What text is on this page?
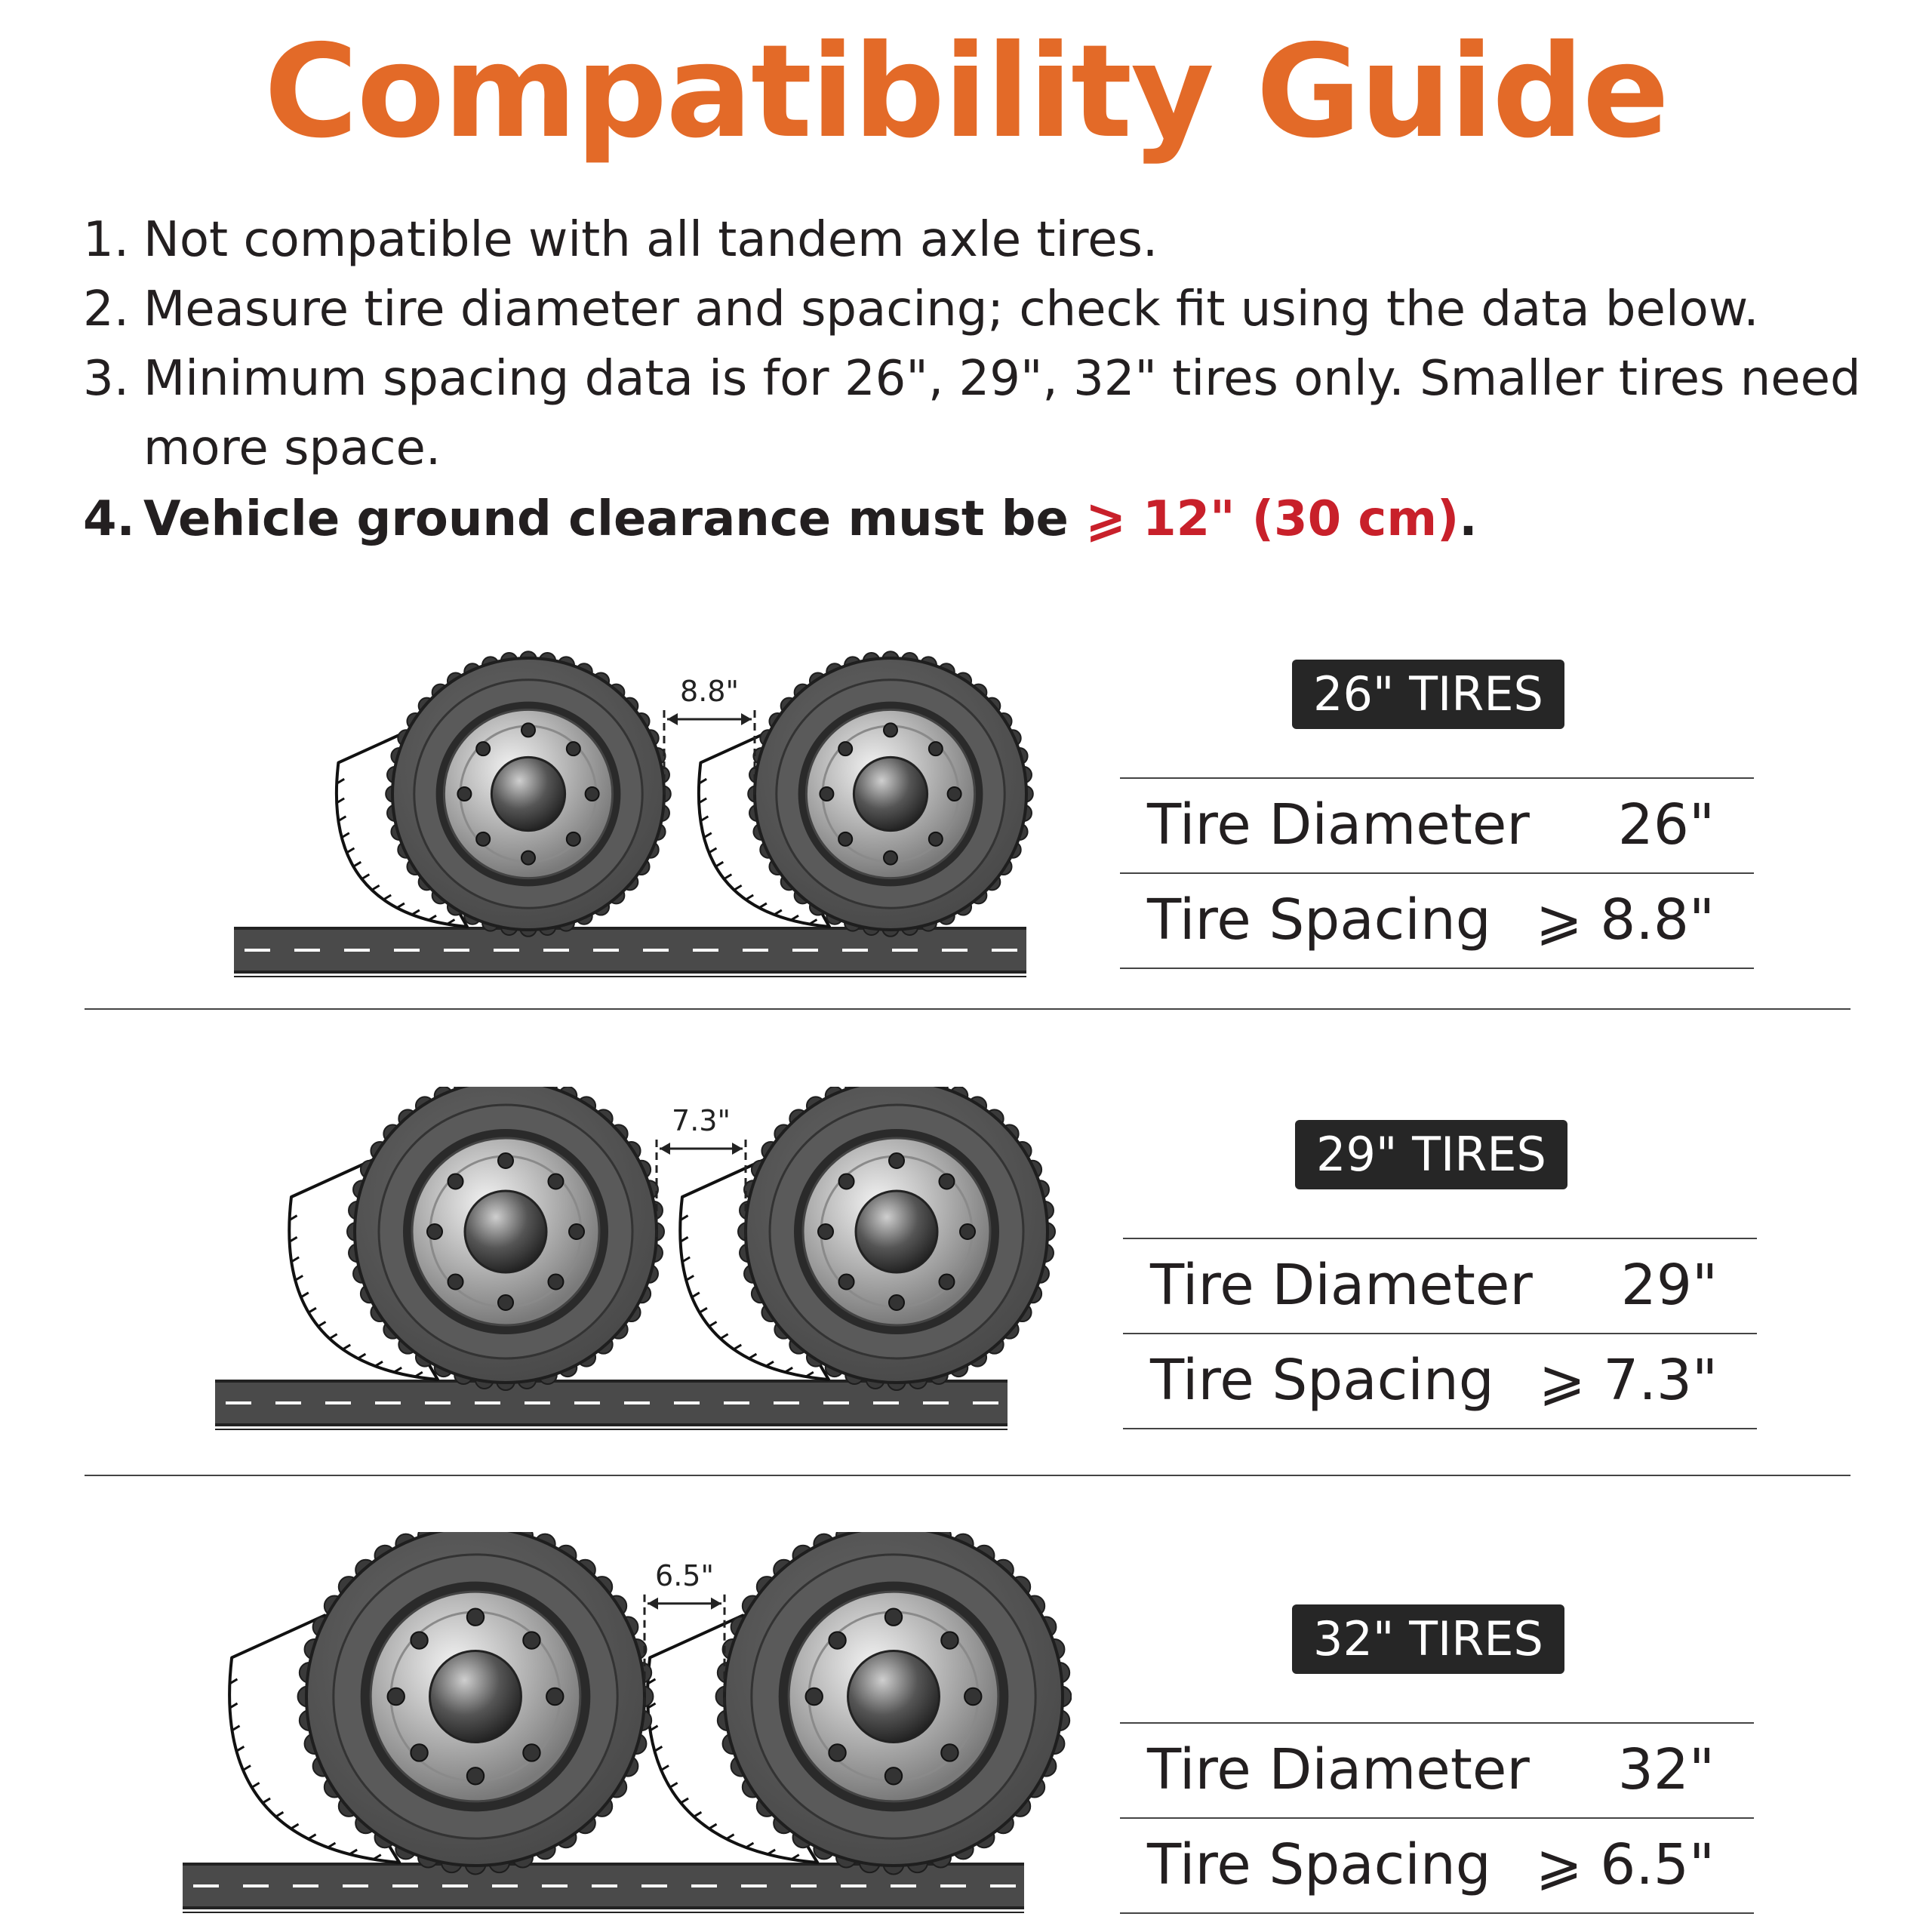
Compatibility Guide
1. Not compatible with all tandem axle tires.
2. Measure tire diameter and spacing; check fit using the data below.
3. Minimum spacing data is for 26", 29", 32" tires only. Smaller tires need more space.
4. Vehicle ground clearance must be ⩾ 12" (30 cm).
8.8"	26" TIRES
Tire Diameter 26"
Tire Spacing ⩾ 8.8"
7.3"
29" TIRES
Tire Diameter 29"
Tire Spacing ⩾ 7.3"
6.5"
32" TIRES
Tire Diameter 32"
Tire Spacing ⩾ 6.5"
